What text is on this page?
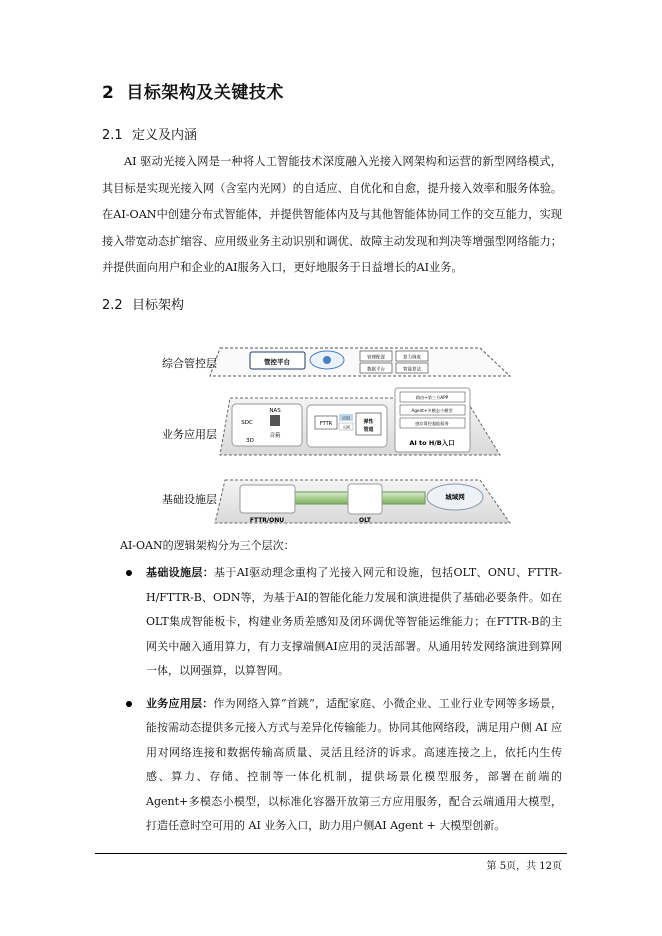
2 目标架构及关键技术
2.1 定义及内涵

AI 驱动光接入网是一种将人工智能技术深度融入光接入网架构和运营的新型网络模式，其目标是实现光接入网（含室内光网）的自适应、自优化和自愈，提升接入效率和服务体验。在AI-OAN中创建分布式智能体，并提供智能体内及与其他智能体协同工作的交互能力，实现接入带宽动态扩缩容、应用级业务主动识别和调优、故障主动发现和判决等增强型网络能力；并提供面向用户和企业的AI服务入口，更好地服务于日益增长的AI业务。

2.2 目标架构
综合管控层
业务应用层
基础设施层
管控平台	管理配置	算力调度
数据平台	智能算法
SDC
NAS
3D
音箱
FTTR
应用
入网
弹性
管道
路由+第三方APP
Agent+多模态小模型
感存算控超能服务
AI to H/B入口
FTTR/ONU	OLT
城域网
AI-OAN的逻辑架构分为三个层次：
基础设施层：基于AI驱动理念重构了光接入网元和设施，包括OLT、ONU、FTTR-H/FTTR-B、ODN等，为基于AI的智能化能力发展和演进提供了基础必要条件。如在OLT集成智能板卡，构建业务质差感知及闭环调优等智能运维能力；在FTTR-B的主网关中融入通用算力，有力支撑端侧AI应用的灵活部署。从通用转发网络演进到算网一体，以网强算，以算智网。
业务应用层：作为网络入算“首跳”，适配家庭、小微企业、工业行业专网等多场景，能按需动态提供多元接入方式与差异化传输能力。协同其他网络段，满足用户侧 AI 应用对网络连接和数据传输高质量、灵活且经济的诉求。高速连接之上，依托内生传感、算力、存储、控制等一体化机制，提供场景化模型服务，部署在前端的Agent+多模态小模型，以标准化容器开放第三方应用服务，配合云端通用大模型，打造任意时空可用的 AI 业务入口，助力用户侧AI Agent + 大模型创新。
第 5页，共 12页
